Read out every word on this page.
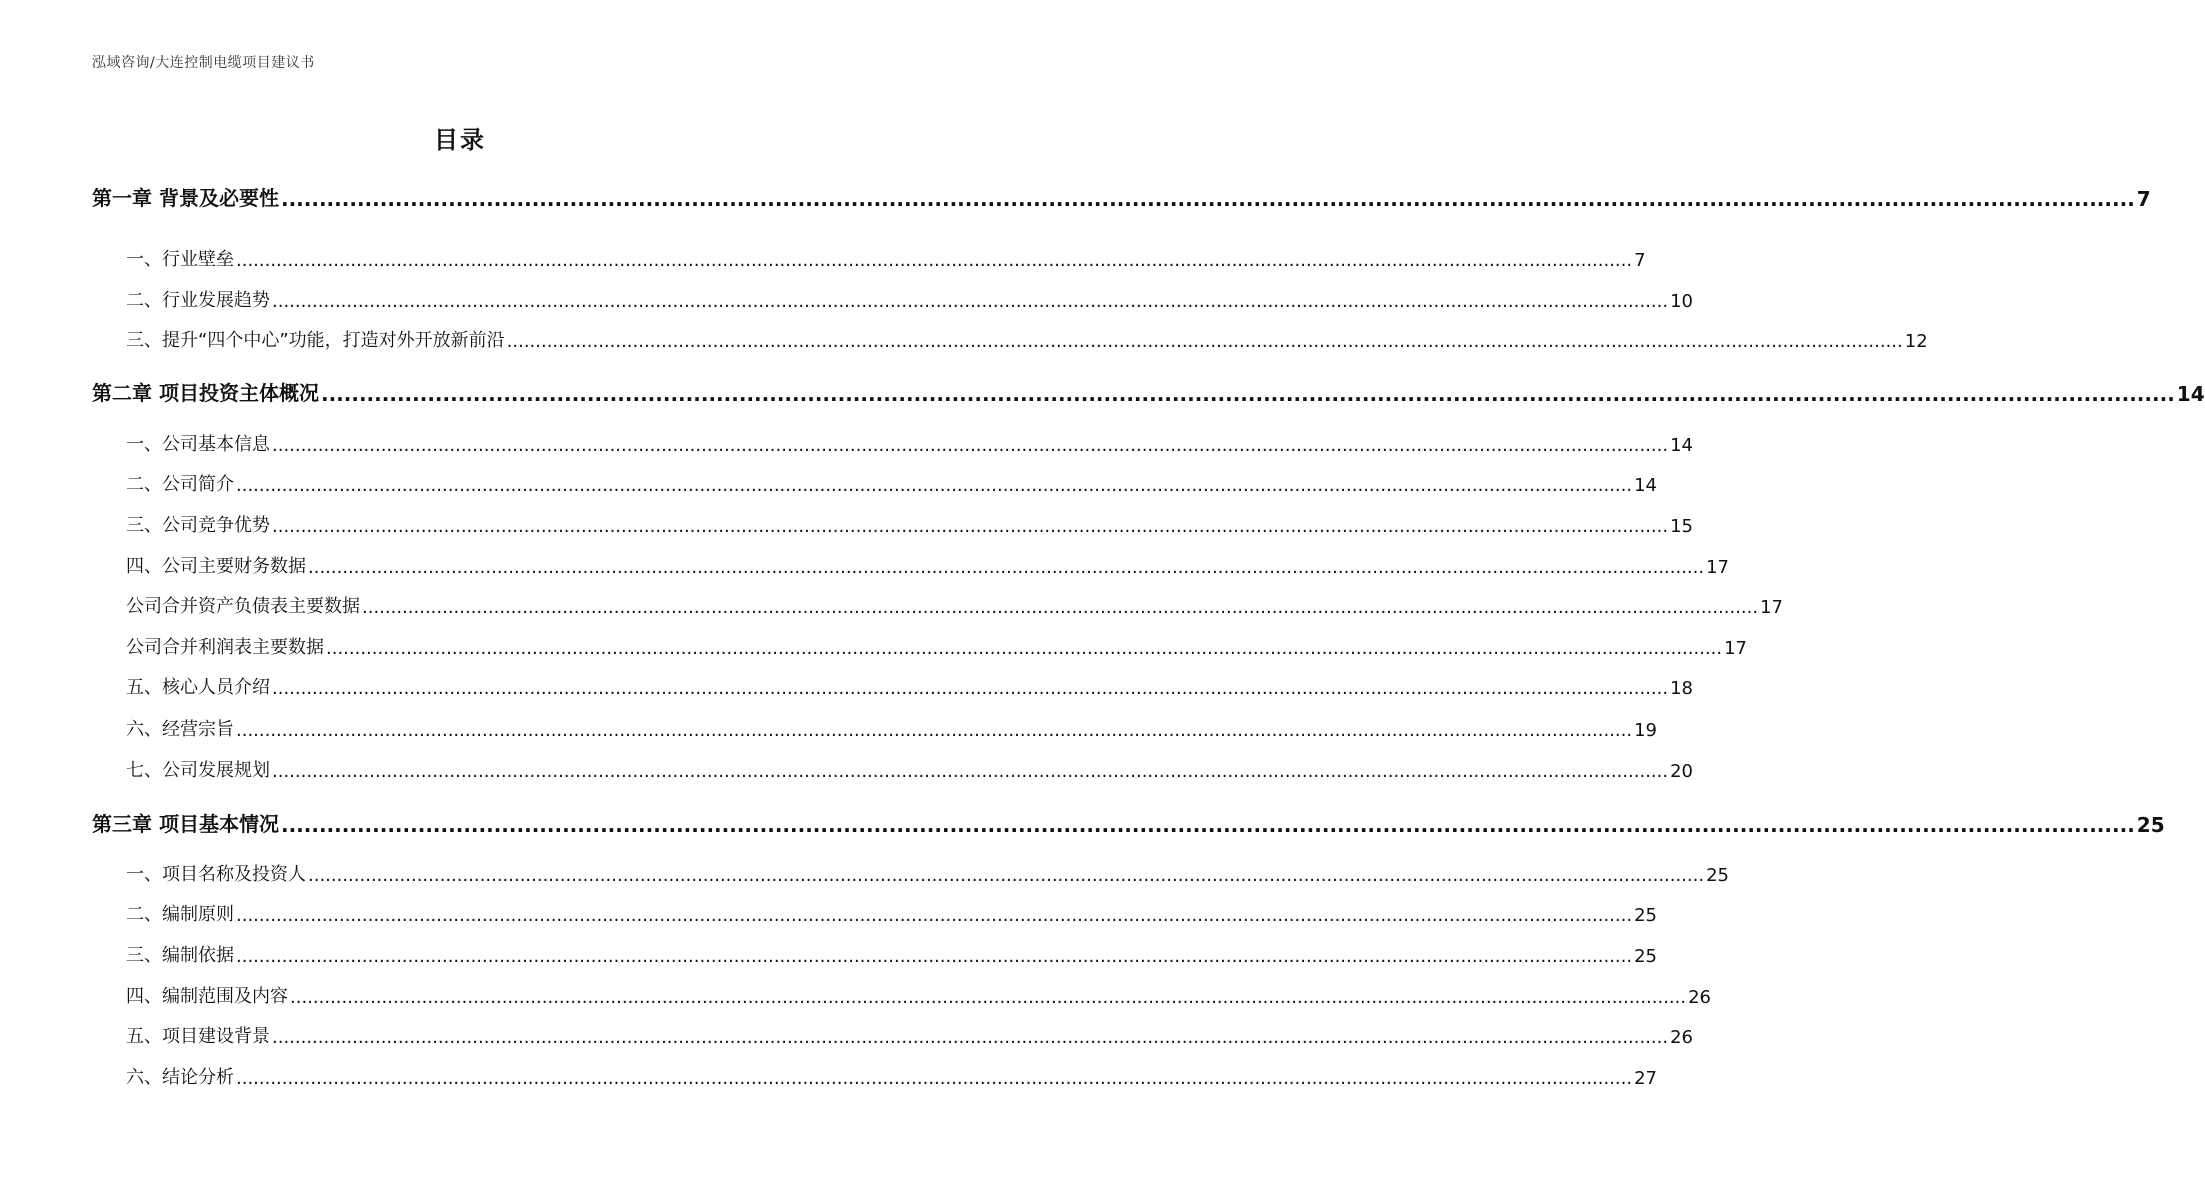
泓域咨询/大连控制电缆项目建议书
目录
第一章
背景及必要性 .................................................................................................................................................................................................................................................... 7
一、 行业壁垒 .................................................................................................................................................................................................................................................... 7
二、 行业发展趋势 .................................................................................................................................................................................................................................................... 10
三、 提升“四个中心”功能，打造对外开放新前沿 .................................................................................................................................................................................................................................................... 12
第二章
项目投资主体概况 .................................................................................................................................................................................................................................................... 14
一、 公司基本信息 .................................................................................................................................................................................................................................................... 14
二、 公司简介 .................................................................................................................................................................................................................................................... 14
三、 公司竞争优势 .................................................................................................................................................................................................................................................... 15
四、 公司主要财务数据 .................................................................................................................................................................................................................................................... 17
公司合并资产负债表主要数据 .................................................................................................................................................................................................................................................... 17
公司合并利润表主要数据 .................................................................................................................................................................................................................................................... 17
五、 核心人员介绍 .................................................................................................................................................................................................................................................... 18
六、 经营宗旨 .................................................................................................................................................................................................................................................... 19
七、 公司发展规划 .................................................................................................................................................................................................................................................... 20
第三章
项目基本情况 .................................................................................................................................................................................................................................................... 25
一、 项目名称及投资人 .................................................................................................................................................................................................................................................... 25
二、 编制原则 .................................................................................................................................................................................................................................................... 25
三、 编制依据 .................................................................................................................................................................................................................................................... 25
四、 编制范围及内容 .................................................................................................................................................................................................................................................... 26
五、 项目建设背景 .................................................................................................................................................................................................................................................... 26
六、 结论分析 .................................................................................................................................................................................................................................................... 27
